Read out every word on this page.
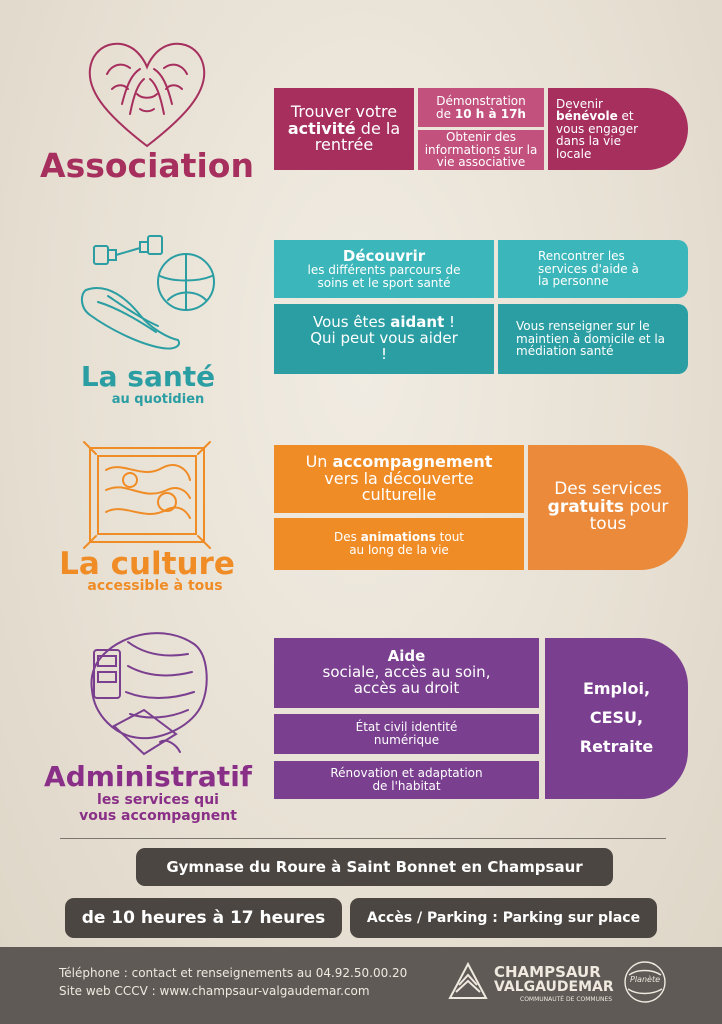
Association
Trouver votre activité de la rentrée
Démonstration de 10 h à 17h
Obtenir des informations sur la vie associative
Devenir bénévole et vous engager dans la vie locale
La santé
au quotidien
Découvrir
les différents parcours de soins et le sport santé
Rencontrer les services d'aide à la personne
Vous êtes aidant ! Qui peut vous aider !
Vous renseigner sur le maintien à domicile et la médiation santé
La culture
accessible à tous
Un accompagnement vers la découverte culturelle
Des animations tout au long de la vie
Des services gratuits pour tous
Administratif
les services qui
vous accompagnent
Aide
sociale, accès au soin, accès au droit
État civil identité numérique
Rénovation et adaptation de l'habitat
Emploi,
CESU,
Retraite
Gymnase du Roure à Saint Bonnet en Champsaur
de 10 heures à 17 heures	Accès / Parking : Parking sur place
Téléphone : contact et renseignements au 04.92.50.00.20
Site web CCCV : www.champsaur-valgaudemar.com
CHAMPSAUR
VALGAUDEMAR
COMMUNAUTÉ DE COMMUNES
Planète
